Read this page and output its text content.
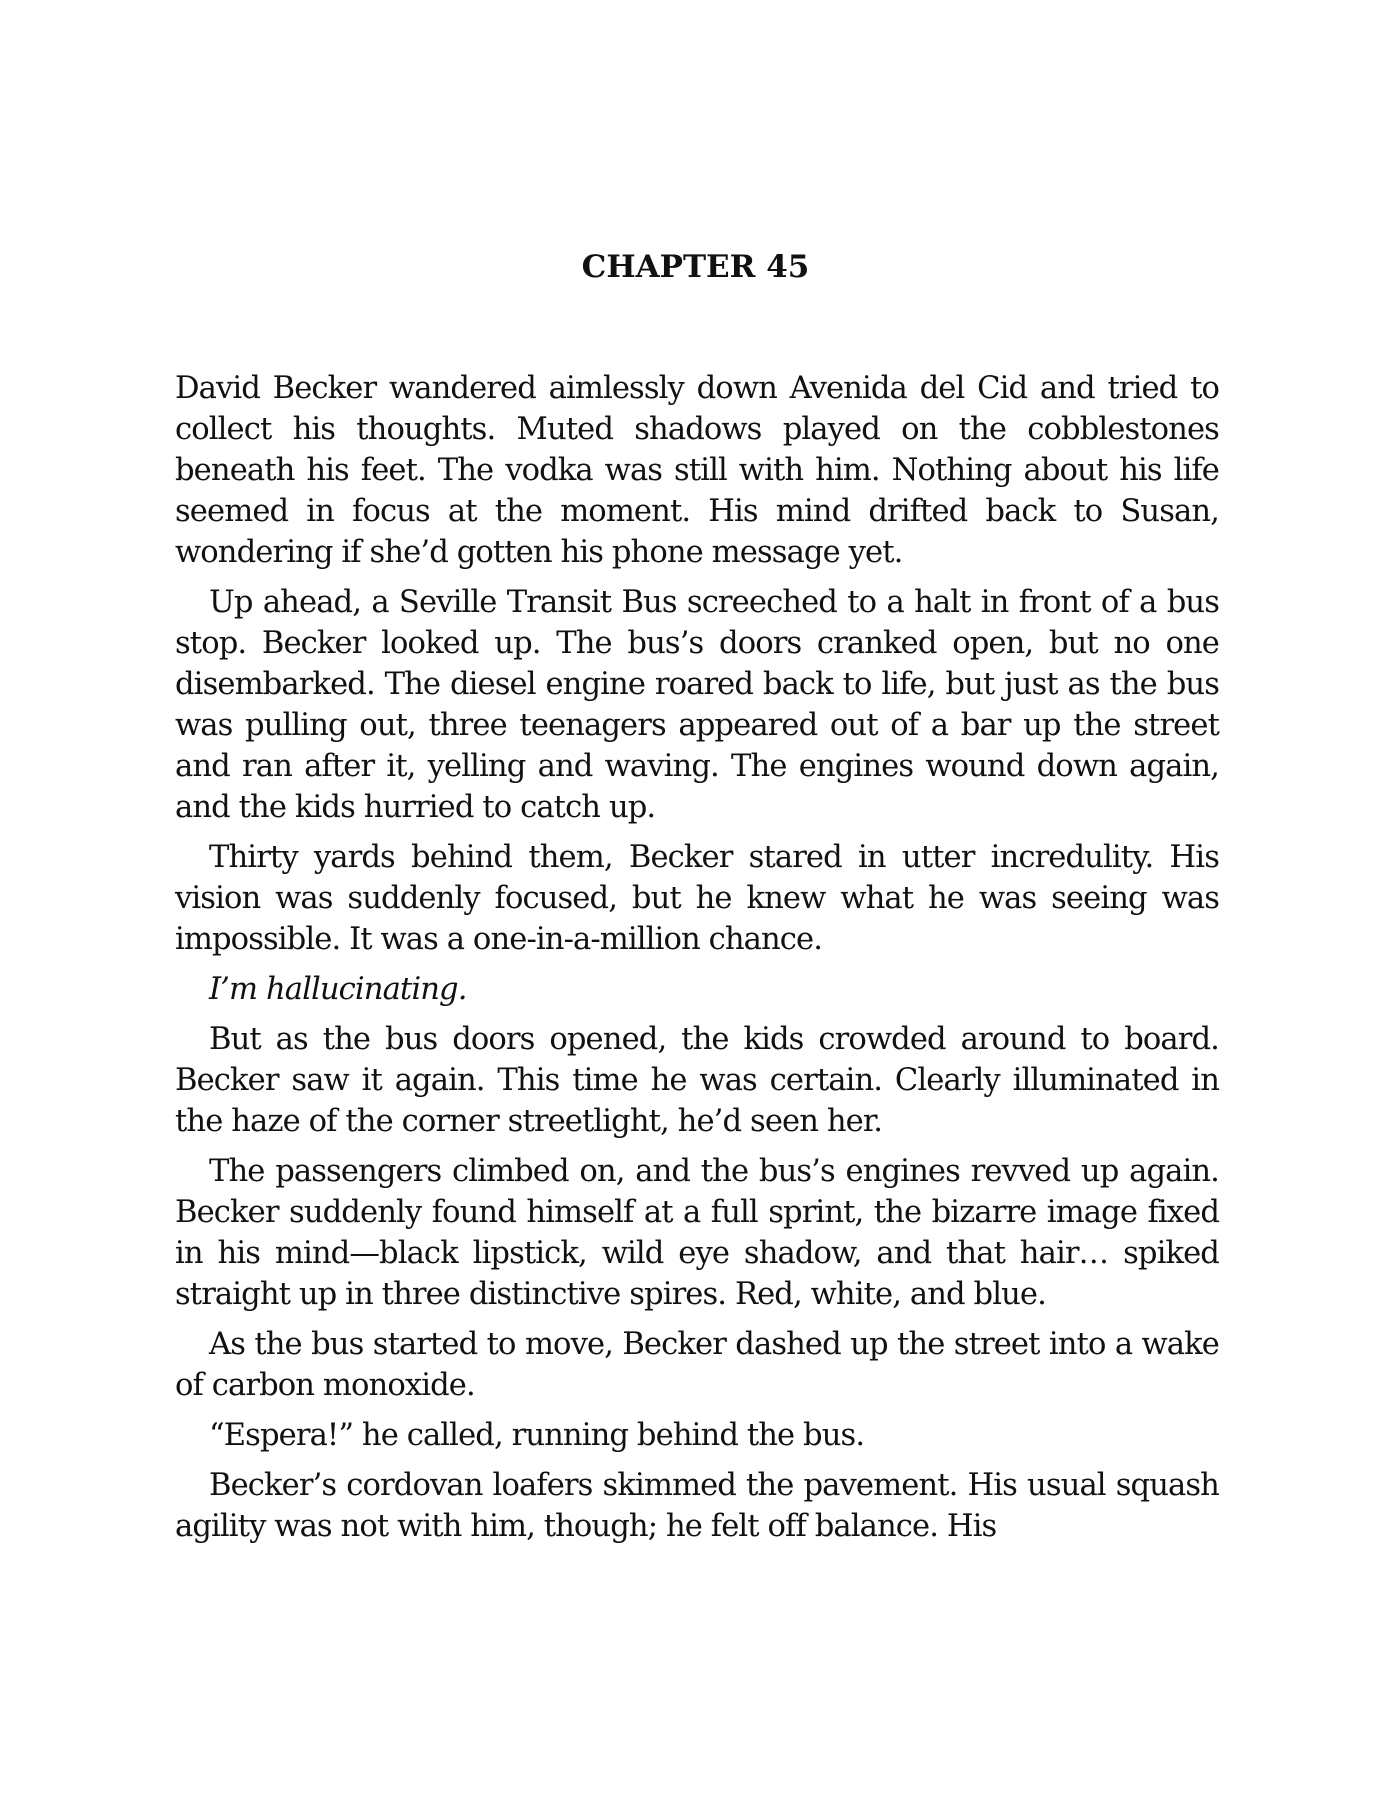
CHAPTER 45

David Becker wandered aimlessly down Avenida del Cid and tried to collect his thoughts. Muted shadows played on the cobblestones beneath his feet. The vodka was still with him. Nothing about his life seemed in focus at the moment. His mind drifted back to Susan, wondering if she’d gotten his phone message yet.

Up ahead, a Seville Transit Bus screeched to a halt in front of a bus stop. Becker looked up. The bus’s doors cranked open, but no one disembarked. The diesel engine roared back to life, but just as the bus was pulling out, three teenagers appeared out of a bar up the street and ran after it, yelling and waving. The engines wound down again, and the kids hurried to catch up.

Thirty yards behind them, Becker stared in utter incredulity. His vision was suddenly focused, but he knew what he was seeing was impossible. It was a one-in-a-million chance.

I’m hallucinating.

But as the bus doors opened, the kids crowded around to board. Becker saw it again. This time he was certain. Clearly illuminated in the haze of the corner streetlight, he’d seen her.

The passengers climbed on, and the bus’s engines revved up again. Becker suddenly found himself at a full sprint, the bizarre image fixed in his mind—black lipstick, wild eye shadow, and that hair… spiked straight up in three distinctive spires. Red, white, and blue.

As the bus started to move, Becker dashed up the street into a wake of carbon monoxide.

“Espera!” he called, running behind the bus.

Becker’s cordovan loafers skimmed the pavement. His usual squash agility was not with him, though; he felt off balance. His
